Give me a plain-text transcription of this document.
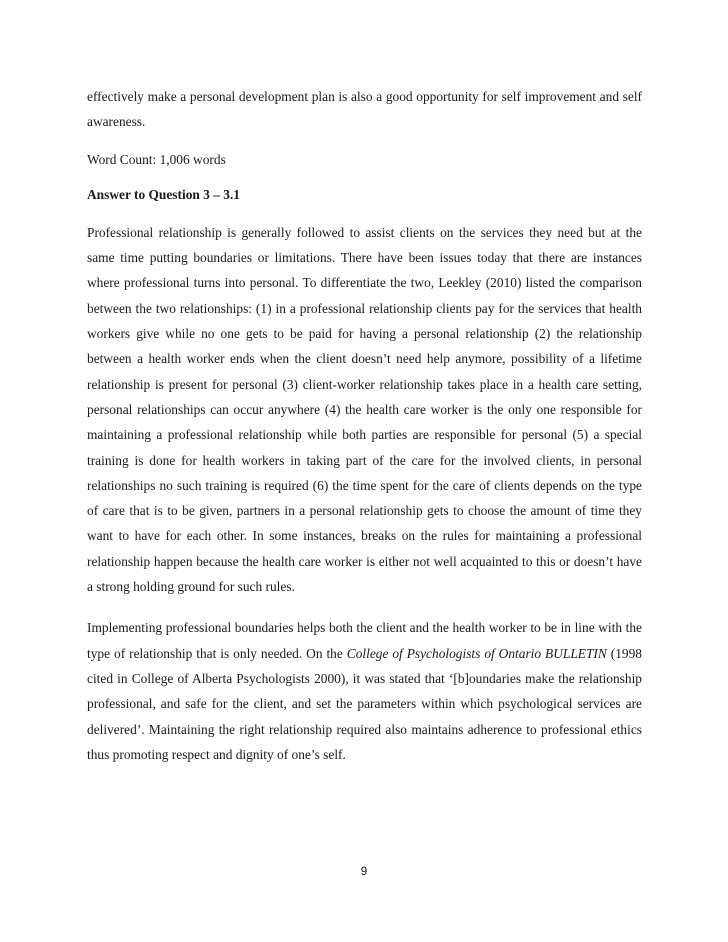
effectively make a personal development plan is also a good opportunity for self improvement and self awareness.

Word Count: 1,006 words

Answer to Question 3 – 3.1

Professional relationship is generally followed to assist clients on the services they need but at the same time putting boundaries or limitations. There have been issues today that there are instances where professional turns into personal. To differentiate the two, Leekley (2010) listed the comparison between the two relationships: (1) in a professional relationship clients pay for the services that health workers give while no one gets to be paid for having a personal relationship (2) the relationship between a health worker ends when the client doesn’t need help anymore, possibility of a lifetime relationship is present for personal (3) client-worker relationship takes place in a health care setting, personal relationships can occur anywhere (4) the health care worker is the only one responsible for maintaining a professional relationship while both parties are responsible for personal (5) a special training is done for health workers in taking part of the care for the involved clients, in personal relationships no such training is required (6) the time spent for the care of clients depends on the type of care that is to be given, partners in a personal relationship gets to choose the amount of time they want to have for each other. In some instances, breaks on the rules for maintaining a professional relationship happen because the health care worker is either not well acquainted to this or doesn’t have a strong holding ground for such rules.

Implementing professional boundaries helps both the client and the health worker to be in line with the type of relationship that is only needed. On the College of Psychologists of Ontario BULLETIN (1998 cited in College of Alberta Psychologists 2000), it was stated that ‘[b]oundaries make the relationship professional, and safe for the client, and set the parameters within which psychological services are delivered’. Maintaining the right relationship required also maintains adherence to professional ethics thus promoting respect and dignity of one’s self.

9
